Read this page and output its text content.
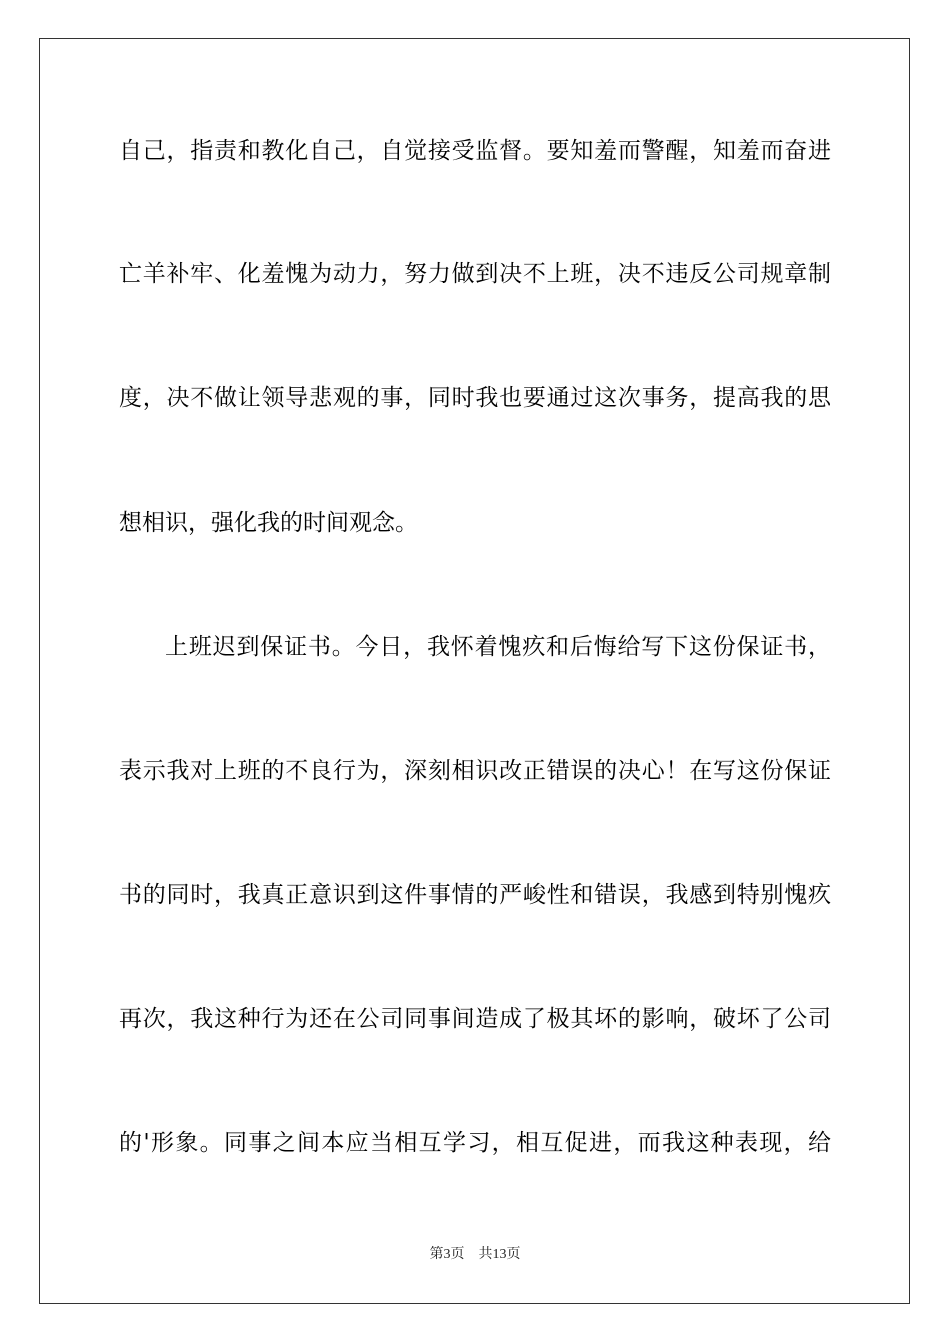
自己，指责和教化自己，自觉接受监督。要知羞而警醒，知羞而奋进
亡羊补牢、化羞愧为动力，努力做到决不上班，决不违反公司规章制
度，决不做让领导悲观的事，同时我也要通过这次事务，提高我的思
想相识，强化我的时间观念。
上班迟到保证书。今日，我怀着愧疚和后悔给写下这份保证书，
表示我对上班的不良行为，深刻相识改正错误的决心！在写这份保证
书的同时，我真正意识到这件事情的严峻性和错误，我感到特别愧疚
再次，我这种行为还在公司同事间造成了极其坏的影响，破坏了公司
的'形象。同事之间本应当相互学习，相互促进，而我这种表现，给
第3页 共13页
